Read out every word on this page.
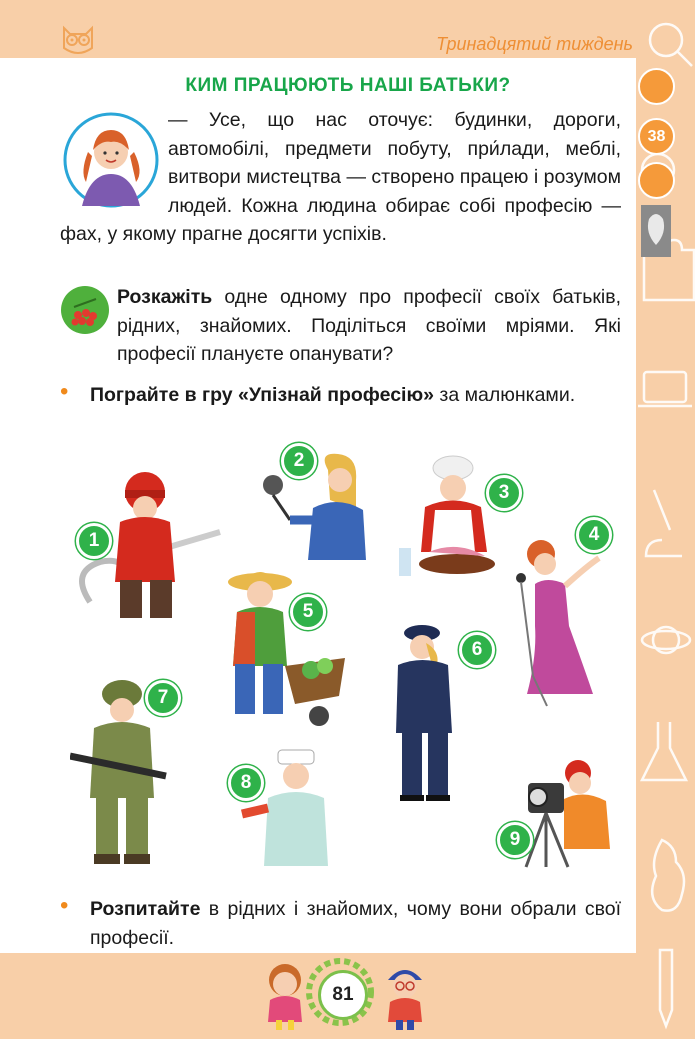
Тринадцятий тиждень
КИМ ПРАЦЮЮТЬ НАШІ БАТЬКИ?
— Усе, що нас оточує: будинки, дороги, автомобілі, предмети побуту, при́лади, меблі, витвори мистецтва — створено працею і розумом людей. Кожна людина обирає собі професію — фах, у якому прагне досягти успіхів.
Розкажіть одне одному про професії своїх батьків, рідних, знайомих. Поділіться своїми мріями. Які професії плануєте опанувати?
• Пограйте в гру «Упізнай професію» за малюнками.
1
2
3
4
5
6
7
8
9
• Розпитайте в рідних і знайомих, чому вони обрали свої професії.
38
81
